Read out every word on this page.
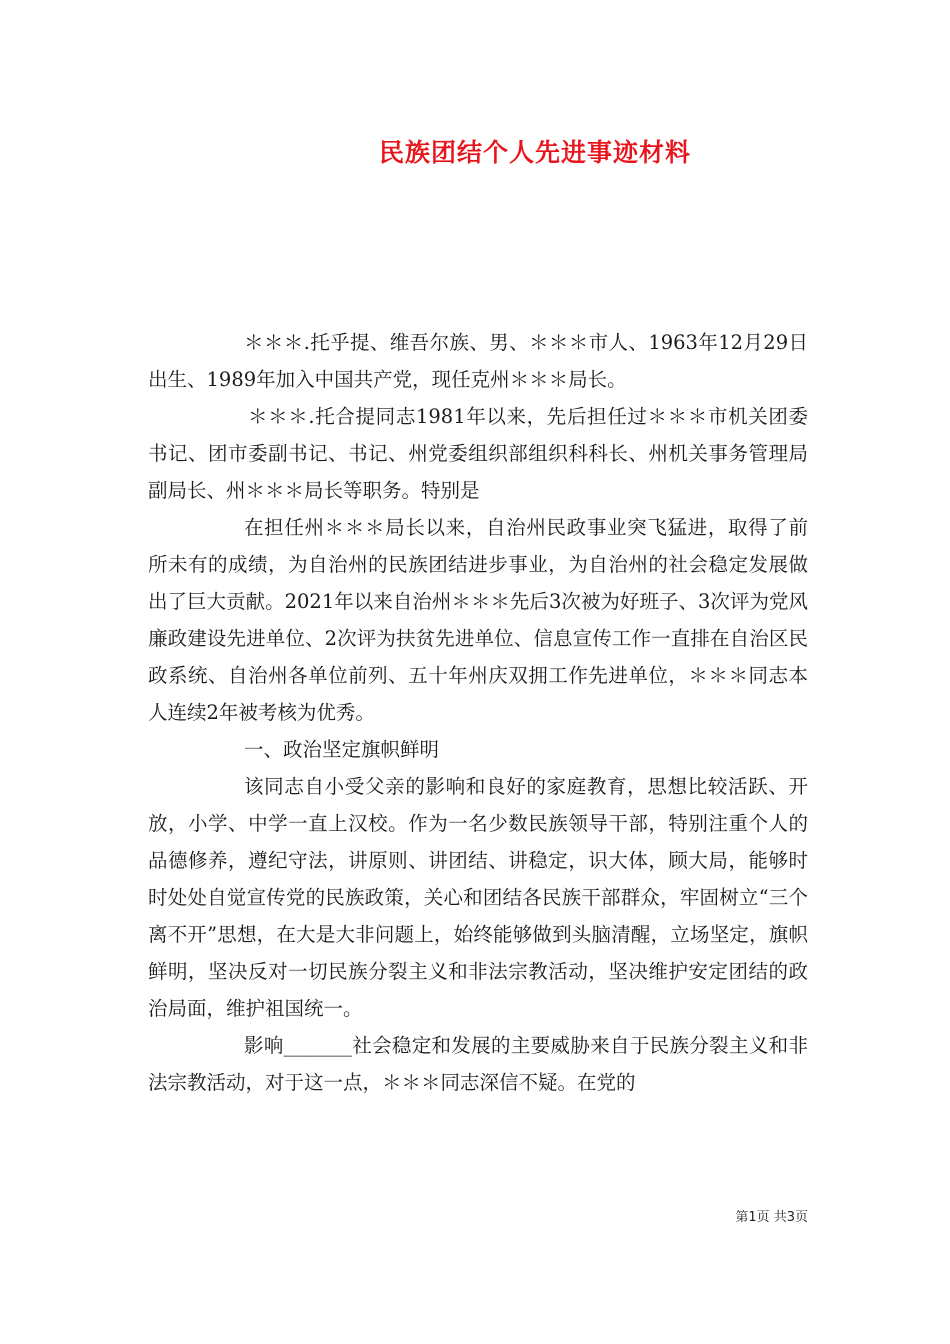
民族团结个人先进事迹材料

＊＊＊.托乎提、维吾尔族、男、＊＊＊市人、1963年12月29日出生、1989年加入中国共产党，现任克州＊＊＊局长。

＊＊＊.托合提同志1981年以来，先后担任过＊＊＊市机关团委书记、团市委副书记、书记、州党委组织部组织科科长、州机关事务管理局副局长、州＊＊＊局长等职务。特别是

在担任州＊＊＊局长以来，自治州民政事业突飞猛进，取得了前所未有的成绩，为自治州的民族团结进步事业，为自治州的社会稳定发展做出了巨大贡献。2021年以来自治州＊＊＊先后3次被为好班子、3次评为党风廉政建设先进单位、2次评为扶贫先进单位、信息宣传工作一直排在自治区民政系统、自治州各单位前列、五十年州庆双拥工作先进单位，＊＊＊同志本人连续2年被考核为优秀。

一、政治坚定旗帜鲜明

该同志自小受父亲的影响和良好的家庭教育，思想比较活跃、开放，小学、中学一直上汉校。作为一名少数民族领导干部，特别注重个人的品德修养，遵纪守法，讲原则、讲团结、讲稳定，识大体，顾大局，能够时时处处自觉宣传党的民族政策，关心和团结各民族干部群众，牢固树立“三个离不开”思想，在大是大非问题上，始终能够做到头脑清醒，立场坚定，旗帜鲜明，坚决反对一切民族分裂主义和非法宗教活动，坚决维护安定团结的政治局面，维护祖国统一。

影响_______社会稳定和发展的主要威胁来自于民族分裂主义和非法宗教活动，对于这一点，＊＊＊同志深信不疑。在党的

第1页 共3页
